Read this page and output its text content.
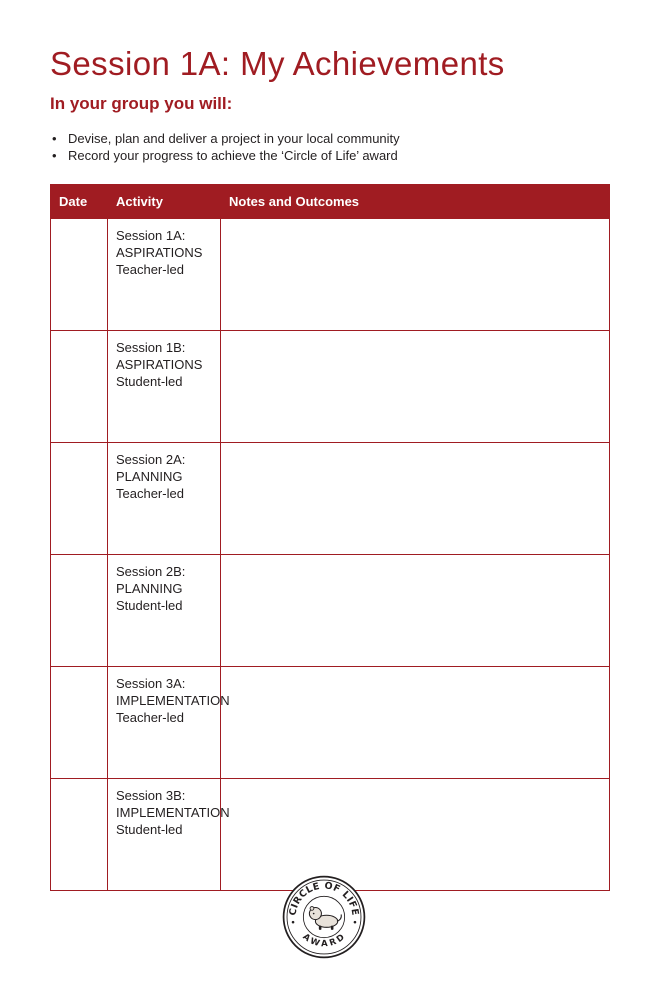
Session 1A: My Achievements
In your group you will:
• Devise, plan and deliver a project in your local community
• Record your progress to achieve the ‘Circle of Life’ award
Date	Activity	Notes and Outcomes

	Session 1A:
ASPIRATIONS
Teacher-led	

	Session 1B:
ASPIRATIONS
Student-led	

	Session 2A:
PLANNING
Teacher-led	

	Session 2B:
PLANNING
Student-led	

	Session 3A:
IMPLEMENTATION
Teacher-led	

	Session 3B:
IMPLEMENTATION
Student-led	

CIRCLE OF LIFE
AWARD
